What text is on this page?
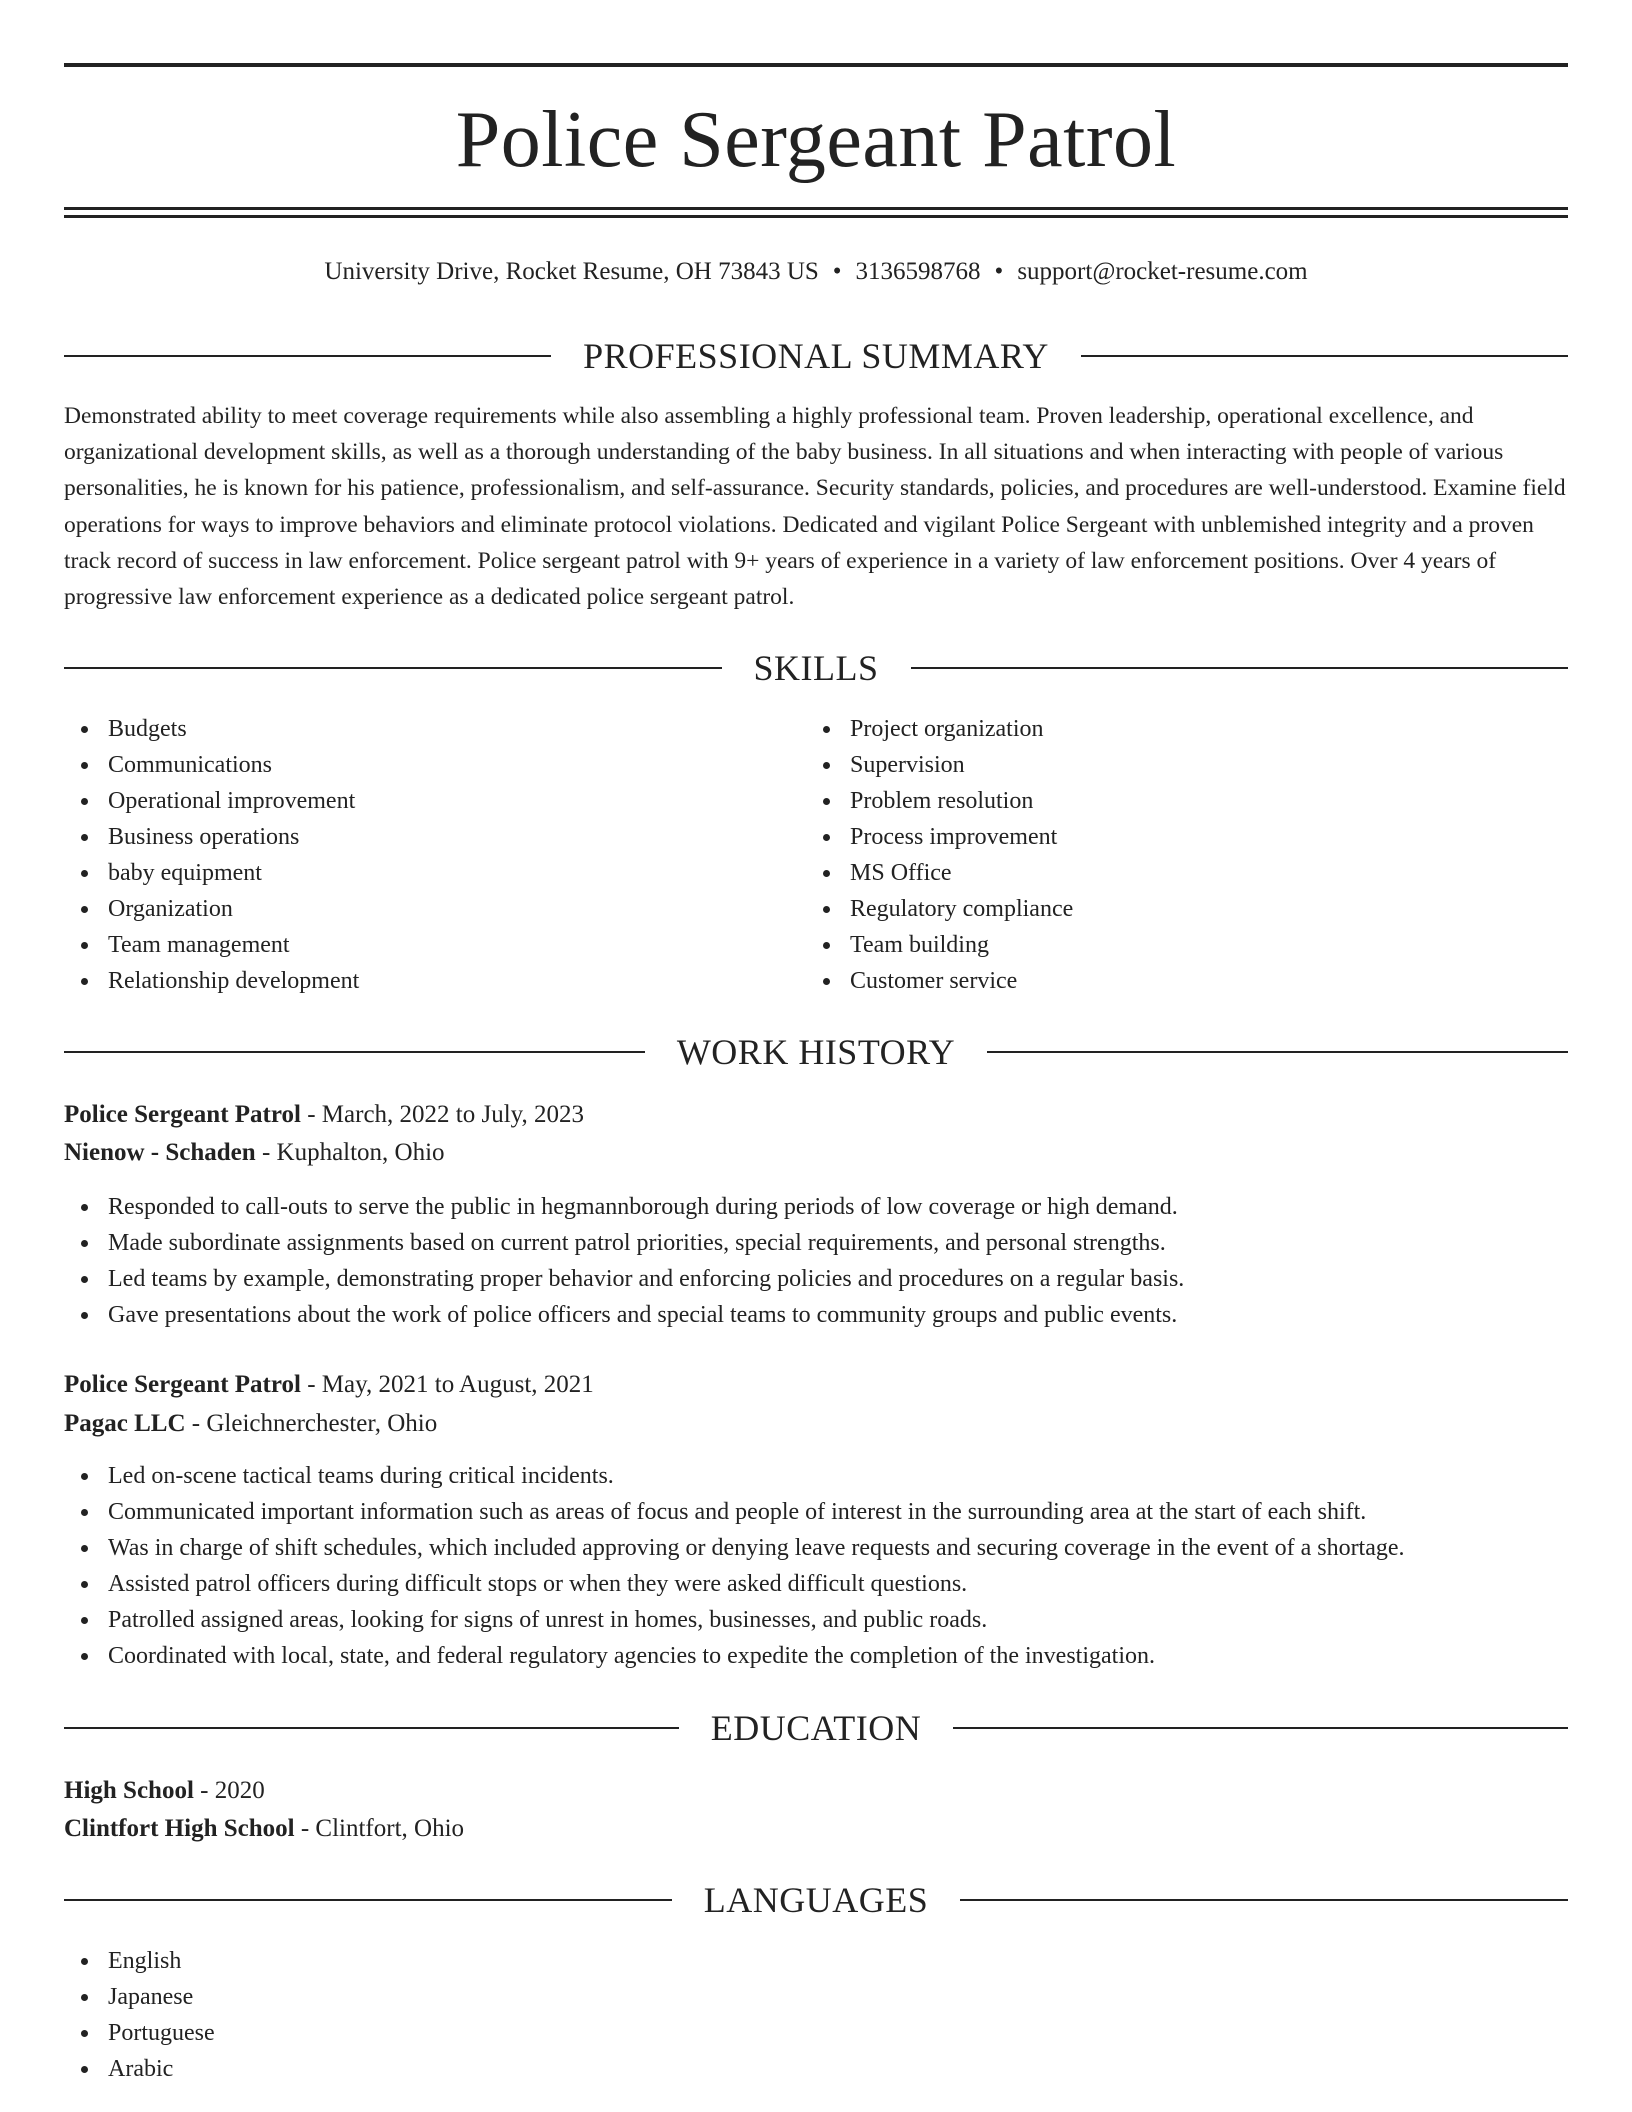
Police Sergeant Patrol
University Drive, Rocket Resume, OH 73843 US • 3136598768 • support@rocket-resume.com
PROFESSIONAL SUMMARY

Demonstrated ability to meet coverage requirements while also assembling a highly professional team. Proven leadership, operational excellence, and organizational development skills, as well as a thorough understanding of the baby business. In all situations and when interacting with people of various personalities, he is known for his patience, professionalism, and self-assurance. Security standards, policies, and procedures are well-understood. Examine field operations for ways to improve behaviors and eliminate protocol violations. Dedicated and vigilant Police Sergeant with unblemished integrity and a proven track record of success in law enforcement. Police sergeant patrol with 9+ years of experience in a variety of law enforcement positions. Over 4 years of progressive law enforcement experience as a dedicated police sergeant patrol.

SKILLS
Budgets
Communications
Operational improvement
Business operations
baby equipment
Organization
Team management
Relationship development
Project organization
Supervision
Problem resolution
Process improvement
MS Office
Regulatory compliance
Team building
Customer service
WORK HISTORY
Police Sergeant Patrol - March, 2022 to July, 2023
Nienow - Schaden - Kuphalton, Ohio
Responded to call-outs to serve the public in hegmannborough during periods of low coverage or high demand.
Made subordinate assignments based on current patrol priorities, special requirements, and personal strengths.
Led teams by example, demonstrating proper behavior and enforcing policies and procedures on a regular basis.
Gave presentations about the work of police officers and special teams to community groups and public events.
Police Sergeant Patrol - May, 2021 to August, 2021
Pagac LLC - Gleichnerchester, Ohio
Led on-scene tactical teams during critical incidents.
Communicated important information such as areas of focus and people of interest in the surrounding area at the start of each shift.
Was in charge of shift schedules, which included approving or denying leave requests and securing coverage in the event of a shortage.
Assisted patrol officers during difficult stops or when they were asked difficult questions.
Patrolled assigned areas, looking for signs of unrest in homes, businesses, and public roads.
Coordinated with local, state, and federal regulatory agencies to expedite the completion of the investigation.
EDUCATION
High School - 2020
Clintfort High School - Clintfort, Ohio
LANGUAGES
English
Japanese
Portuguese
Arabic
